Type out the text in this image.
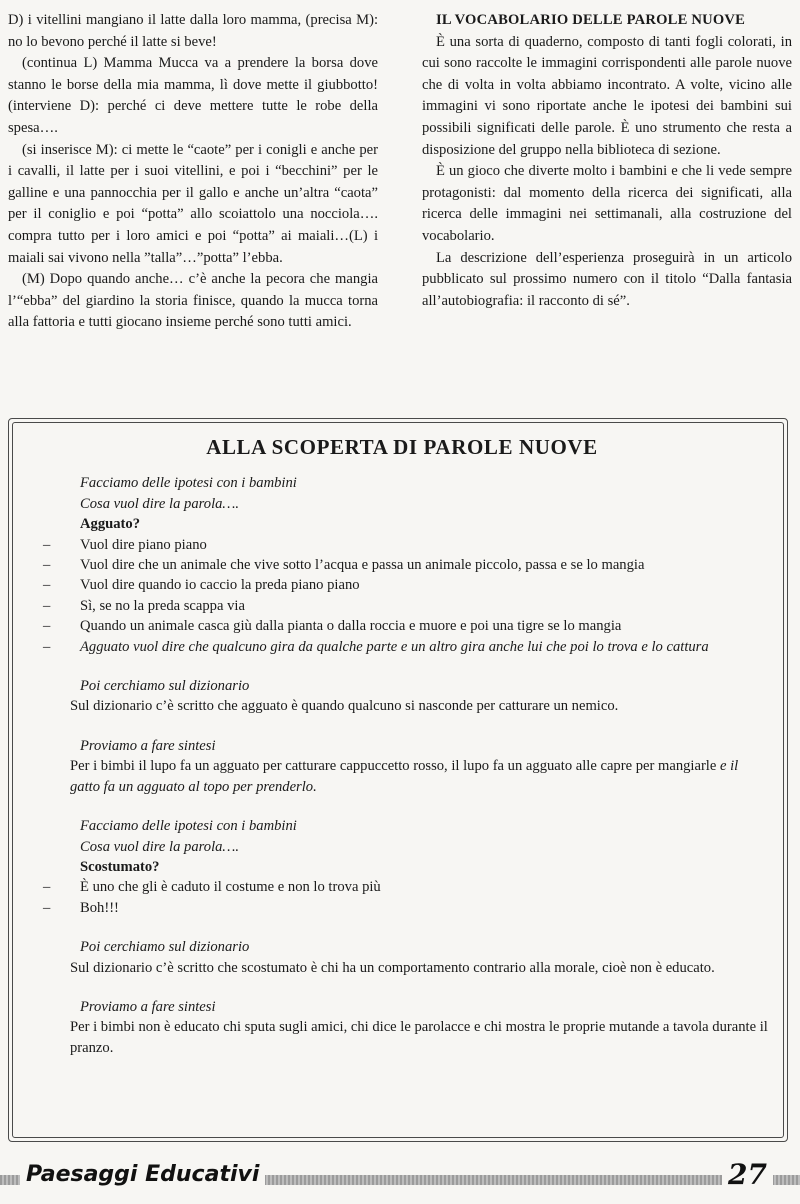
D) i vitellini mangiano il latte dalla loro mamma, (precisa M): no lo bevono perché il latte si beve!

(continua L) Mamma Mucca va a prendere la borsa dove stanno le borse della mia mamma, lì dove mette il giubbotto! (interviene D): perché ci deve mettere tutte le robe della spesa….

(si inserisce M): ci mette le “caote” per i conigli e anche per i cavalli, il latte per i suoi vitellini, e poi i “becchini” per le galline e una pannocchia per il gallo e anche un’altra “caota” per il coniglio e poi “potta” allo scoiattolo una nocciola…. compra tutto per i loro amici e poi “potta” ai maiali…(L) i maiali sai vivono nella ”talla”…”potta” l’ebba.

(M) Dopo quando anche… c’è anche la pecora che mangia l’“ebba” del giardino la storia finisce, quando la mucca torna alla fattoria e tutti giocano insieme perché sono tutti amici.

IL VOCABOLARIO DELLE PAROLE NUOVE

È una sorta di quaderno, composto di tanti fogli colorati, in cui sono raccolte le immagini corrispondenti alle parole nuove che di volta in volta abbiamo incontrato. A volte, vicino alle immagini vi sono riportate anche le ipotesi dei bambini sui possibili significati delle parole. È uno strumento che resta a disposizione del gruppo nella biblioteca di sezione.

È un gioco che diverte molto i bambini e che li vede sempre protagonisti: dal momento della ricerca dei significati, alla ricerca delle immagini nei settimanali, alla costruzione del vocabolario.

La descrizione dell’esperienza proseguirà in un articolo pubblicato sul prossimo numero con il titolo “Dalla fantasia all’autobiografia: il racconto di sé”.

ALLA SCOPERTA DI PAROLE NUOVE
Facciamo delle ipotesi con i bambini
Cosa vuol dire la parola….
Agguato?
– Vuol dire piano piano
– Vuol dire che un animale che vive sotto l’acqua e passa un animale piccolo, passa e se lo mangia
– Vuol dire quando io caccio la preda piano piano
– Sì, se no la preda scappa via
– Quando un animale casca giù dalla pianta o dalla roccia e muore e poi una tigre se lo mangia
– Agguato vuol dire che qualcuno gira da qualche parte e un altro gira anche lui che poi lo trova e lo cattura
Poi cerchiamo sul dizionario
Sul dizionario c’è scritto che agguato è quando qualcuno si nasconde per catturare un nemico.
Proviamo a fare sintesi
Per i bimbi il lupo fa un agguato per catturare cappuccetto rosso, il lupo fa un agguato alle capre per mangiarle e il gatto fa un agguato al topo per prenderlo.
Facciamo delle ipotesi con i bambini
Cosa vuol dire la parola….
Scostumato?
– È uno che gli è caduto il costume e non lo trova più
– Boh!!!
Poi cerchiamo sul dizionario
Sul dizionario c’è scritto che scostumato è chi ha un comportamento contrario alla morale, cioè non è educato.
Proviamo a fare sintesi
Per i bimbi non è educato chi sputa sugli amici, chi dice le parolacce e chi mostra le proprie mutande a tavola durante il pranzo.
Paesaggi Educativi	27
